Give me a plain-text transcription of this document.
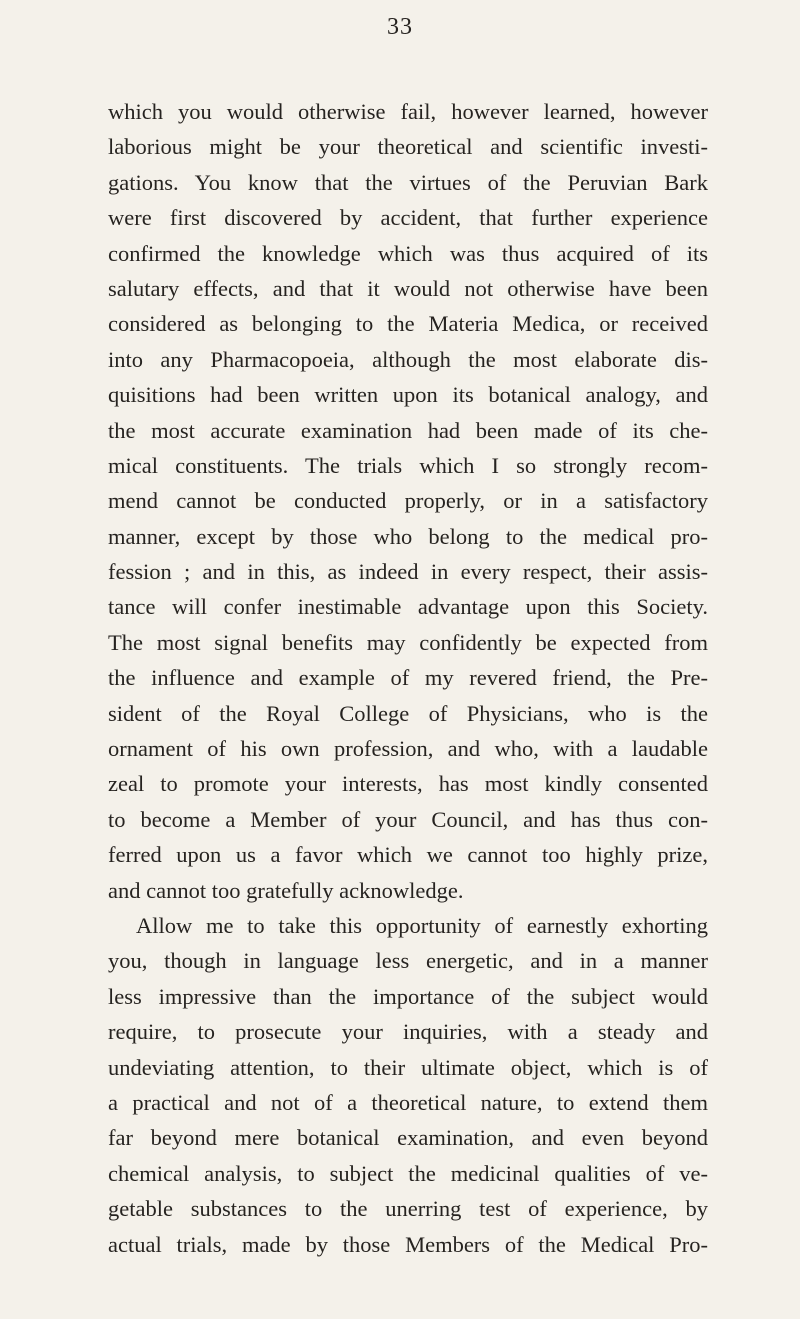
33
which you would otherwise fail, however learned, however
laborious might be your theoretical and scientific investi-
gations. You know that the virtues of the Peruvian Bark
were first discovered by accident, that further experience
confirmed the knowledge which was thus acquired of its
salutary effects, and that it would not otherwise have been
considered as belonging to the Materia Medica, or received
into any Pharmacopoeia, although the most elaborate dis-
quisitions had been written upon its botanical analogy, and
the most accurate examination had been made of its che-
mical constituents. The trials which I so strongly recom-
mend cannot be conducted properly, or in a satisfactory
manner, except by those who belong to the medical pro-
fession ; and in this, as indeed in every respect, their assis-
tance will confer inestimable advantage upon this Society.
The most signal benefits may confidently be expected from
the influence and example of my revered friend, the Pre-
sident of the Royal College of Physicians, who is the
ornament of his own profession, and who, with a laudable
zeal to promote your interests, has most kindly consented
to become a Member of your Council, and has thus con-
ferred upon us a favor which we cannot too highly prize,
and cannot too gratefully acknowledge.
Allow me to take this opportunity of earnestly exhorting
you, though in language less energetic, and in a manner
less impressive than the importance of the subject would
require, to prosecute your inquiries, with a steady and
undeviating attention, to their ultimate object, which is of
a practical and not of a theoretical nature, to extend them
far beyond mere botanical examination, and even beyond
chemical analysis, to subject the medicinal qualities of ve-
getable substances to the unerring test of experience, by
actual trials, made by those Members of the Medical Pro-
